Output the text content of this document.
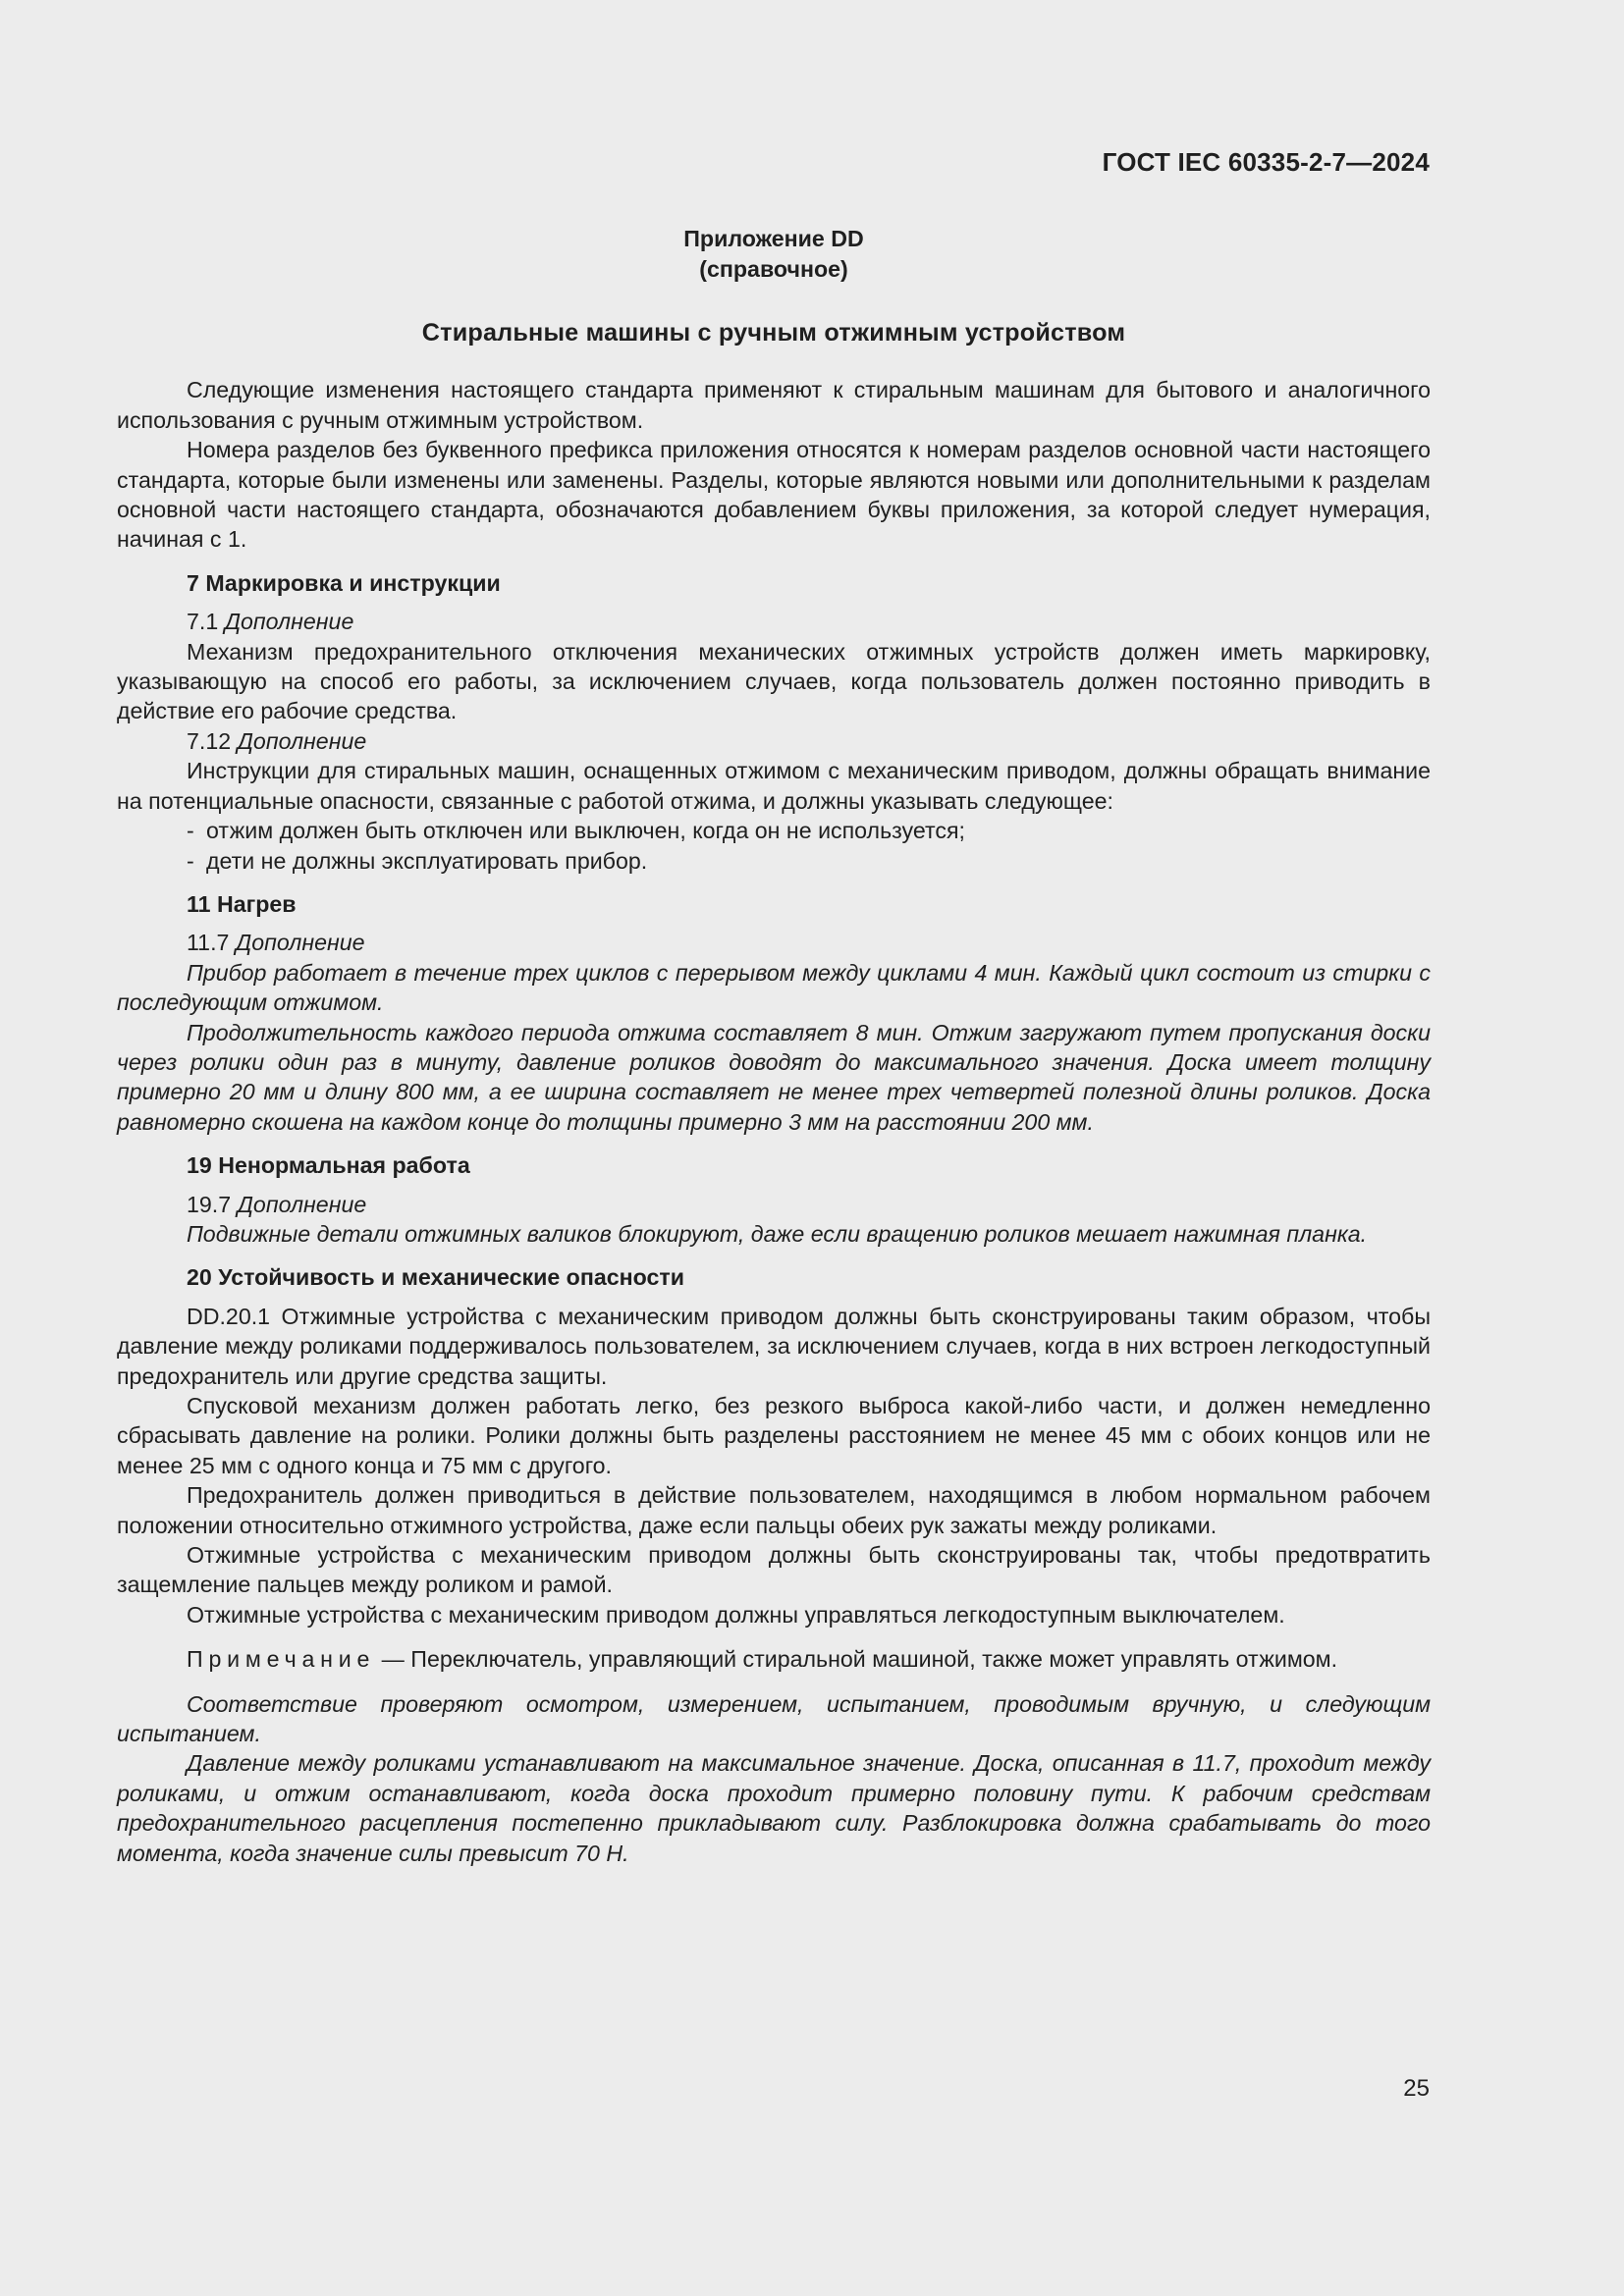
ГОСТ IEC 60335-2-7—2024
Приложение DD
(справочное)
Стиральные машины с ручным отжимным устройством

Следующие изменения настоящего стандарта применяют к стиральным машинам для бытового и аналогичного использования с ручным отжимным устройством.

Номера разделов без буквенного префикса приложения относятся к номерам разделов основной части настоящего стандарта, которые были изменены или заменены. Разделы, которые являются новыми или дополнительными к разделам основной части настоящего стандарта, обозначаются добавлением буквы приложения, за которой следует нумерация, начиная с 1.

7 Маркировка и инструкции
7.1 Дополнение

Механизм предохранительного отключения механических отжимных устройств должен иметь маркировку, указывающую на способ его работы, за исключением случаев, когда пользователь должен постоянно приводить в действие его рабочие средства.

7.12 Дополнение

Инструкции для стиральных машин, оснащенных отжимом с механическим приводом, должны обращать внимание на потенциальные опасности, связанные с работой отжима, и должны указывать следующее:

- отжим должен быть отключен или выключен, когда он не используется;
- дети не должны эксплуатировать прибор.
11 Нагрев
11.7 Дополнение

Прибор работает в течение трех циклов с перерывом между циклами 4 мин. Каждый цикл состоит из стирки с последующим отжимом.

Продолжительность каждого периода отжима составляет 8 мин. Отжим загружают путем пропускания доски через ролики один раз в минуту, давление роликов доводят до максимального значения. Доска имеет толщину примерно 20 мм и длину 800 мм, а ее ширина составляет не менее трех четвертей полезной длины роликов. Доска равномерно скошена на каждом конце до толщины примерно 3 мм на расстоянии 200 мм.

19 Ненормальная работа
19.7 Дополнение

Подвижные детали отжимных валиков блокируют, даже если вращению роликов мешает нажимная планка.

20 Устойчивость и механические опасности

DD.20.1 Отжимные устройства с механическим приводом должны быть сконструированы таким образом, чтобы давление между роликами поддерживалось пользователем, за исключением случаев, когда в них встроен легкодоступный предохранитель или другие средства защиты.

Спусковой механизм должен работать легко, без резкого выброса какой-либо части, и должен немедленно сбрасывать давление на ролики. Ролики должны быть разделены расстоянием не менее 45 мм с обоих концов или не менее 25 мм с одного конца и 75 мм с другого.

Предохранитель должен приводиться в действие пользователем, находящимся в любом нормальном рабочем положении относительно отжимного устройства, даже если пальцы обеих рук зажаты между роликами.

Отжимные устройства с механическим приводом должны быть сконструированы так, чтобы предотвратить защемление пальцев между роликом и рамой.

Отжимные устройства с механическим приводом должны управляться легкодоступным выключателем.

Примечание — Переключатель, управляющий стиральной машиной, также может управлять отжимом.

Соответствие проверяют осмотром, измерением, испытанием, проводимым вручную, и следующим испытанием.

Давление между роликами устанавливают на максимальное значение. Доска, описанная в 11.7, проходит между роликами, и отжим останавливают, когда доска проходит примерно половину пути. К рабочим средствам предохранительного расцепления постепенно прикладывают силу. Разблокировка должна срабатывать до того момента, когда значение силы превысит 70 Н.

25
